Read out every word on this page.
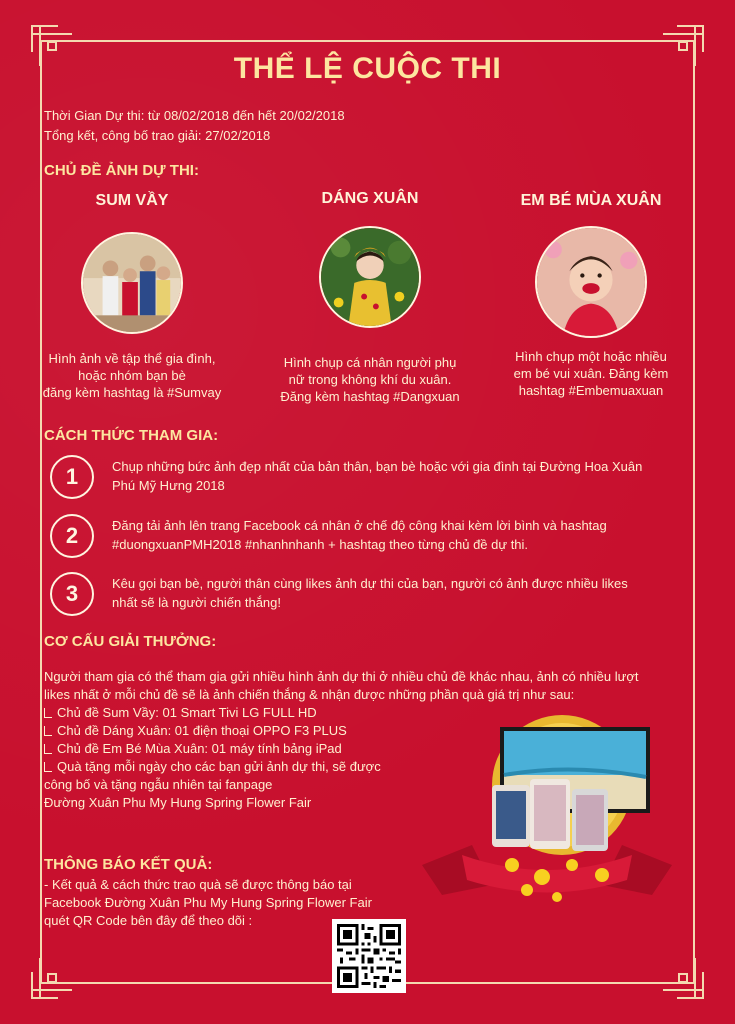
THỂ LỆ CUỘC THI
Thời Gian Dự thi: từ 08/02/2018 đến hết 20/02/2018
Tổng kết, công bố trao giải: 27/02/2018
CHỦ ĐỀ ẢNH DỰ THI:
SUM VẦY
Hình ảnh về tập thể gia đình,
hoặc nhóm bạn bè
đăng kèm hashtag là #Sumvay
DÁNG XUÂN
Hình chụp cá nhân người phụ
nữ trong không khí du xuân.
Đăng kèm hashtag #Dangxuan
EM BÉ MÙA XUÂN
Hình chụp một hoặc nhiều
em bé vui xuân. Đăng kèm
hashtag #Embemuaxuan
CÁCH THỨC THAM GIA:
1	Chụp những bức ảnh đẹp nhất của bản thân, bạn bè hoặc với gia đình tại Đường Hoa Xuân
Phú Mỹ Hưng 2018
2	Đăng tải ảnh lên trang Facebook cá nhân ở chế độ công khai kèm lời bình và hashtag
#duongxuanPMH2018 #nhanhnhanh + hashtag theo từng chủ đề dự thi.
3	Kêu gọi bạn bè, người thân cùng likes ảnh dự thi của bạn, người có ảnh được nhiều likes
nhất sẽ là người chiến thắng!
CƠ CẤU GIẢI THƯỞNG:
Người tham gia có thể tham gia gửi nhiều hình ảnh dự thi ở nhiều chủ đề khác nhau, ảnh có nhiều lượt
likes nhất ở mỗi chủ đề sẽ là ảnh chiến thắng & nhận được những phần quà giá trị như sau:
Chủ đề Sum Vầy: 01 Smart Tivi LG FULL HD
Chủ đề Dáng Xuân: 01 điện thoại OPPO F3 PLUS
Chủ đề Em Bé Mùa Xuân: 01 máy tính bảng iPad
Quà tặng mỗi ngày cho các bạn gửi ảnh dự thi, sẽ được
công bố và tặng ngẫu nhiên tại fanpage
Đường Xuân Phu My Hung Spring Flower Fair
THÔNG BÁO KẾT QUẢ:
- Kết quả & cách thức trao quà sẽ được thông báo tại
Facebook Đường Xuân Phu My Hung Spring Flower Fair
quét QR Code bên đây để theo dõi :
